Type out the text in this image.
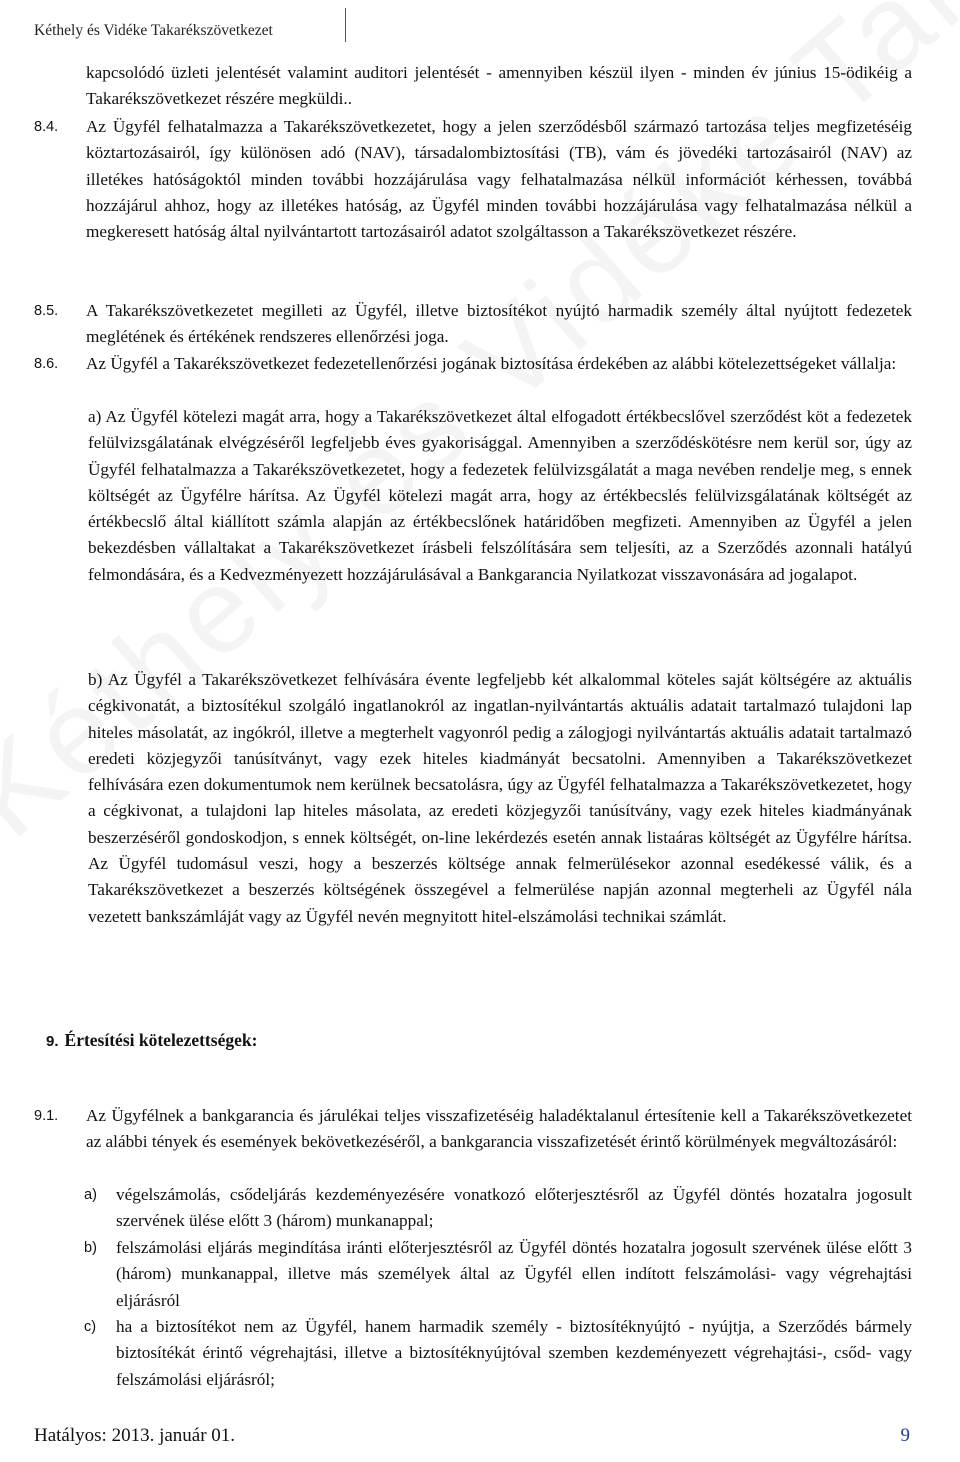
Kéthely és Vidéke Takarékszövetkezet
kapcsolódó üzleti jelentését valamint auditori jelentését - amennyiben készül ilyen - minden év június 15-ödikéig a Takarékszövetkezet részére megküldi..
8.4. Az Ügyfél felhatalmazza a Takarékszövetkezetet, hogy a jelen szerződésből származó tartozása teljes megfizetéséig köztartozásairól, így különösen adó (NAV), társadalombiztosítási (TB), vám és jövedéki tartozásairól (NAV) az illetékes hatóságoktól minden további hozzájárulása vagy felhatalmazása nélkül információt kérhessen, továbbá hozzájárul ahhoz, hogy az illetékes hatóság, az Ügyfél minden további hozzájárulása vagy felhatalmazása nélkül a megkeresett hatóság által nyilvántartott tartozásairól adatot szolgáltasson a Takarékszövetkezet részére.
8.5. A Takarékszövetkezetet megilleti az Ügyfél, illetve biztosítékot nyújtó harmadik személy által nyújtott fedezetek meglétének és értékének rendszeres ellenőrzési joga.
8.6. Az Ügyfél a Takarékszövetkezet fedezetellenőrzési jogának biztosítása érdekében az alábbi kötelezettségeket vállalja:
a) Az Ügyfél kötelezi magát arra, hogy a Takarékszövetkezet által elfogadott értékbecslővel szerződést köt a fedezetek felülvizsgálatának elvégzéséről legfeljebb éves gyakorisággal. Amennyiben a szerződéskötésre nem kerül sor, úgy az Ügyfél felhatalmazza a Takarékszövetkezetet, hogy a fedezetek felülvizsgálatát a maga nevében rendelje meg, s ennek költségét az Ügyfélre hárítsa. Az Ügyfél kötelezi magát arra, hogy az értékbecslés felülvizsgálatának költségét az értékbecslő által kiállított számla alapján az értékbecslőnek határidőben megfizeti. Amennyiben az Ügyfél a jelen bekezdésben vállaltakat a Takarékszövetkezet írásbeli felszólítására sem teljesíti, az a Szerződés azonnali hatályú felmondására, és a Kedvezményezett hozzájárulásával a Bankgarancia Nyilatkozat visszavonására ad jogalapot.
b) Az Ügyfél a Takarékszövetkezet felhívására évente legfeljebb két alkalommal köteles saját költségére az aktuális cégkivonatát, a biztosítékul szolgáló ingatlanokról az ingatlan-nyilvántartás aktuális adatait tartalmazó tulajdoni lap hiteles másolatát, az ingókról, illetve a megterhelt vagyonról pedig a zálogjogi nyilvántartás aktuális adatait tartalmazó eredeti közjegyzői tanúsítványt, vagy ezek hiteles kiadmányát becsatolni. Amennyiben a Takarékszövetkezet felhívására ezen dokumentumok nem kerülnek becsatolásra, úgy az Ügyfél felhatalmazza a Takarékszövetkezetet, hogy a cégkivonat, a tulajdoni lap hiteles másolata, az eredeti közjegyzői tanúsítvány, vagy ezek hiteles kiadmányának beszerzéséről gondoskodjon, s ennek költségét, on-line lekérdezés esetén annak listaáras költségét az Ügyfélre hárítsa. Az Ügyfél tudomásul veszi, hogy a beszerzés költsége annak felmerülésekor azonnal esedékessé válik, és a Takarékszövetkezet a beszerzés költségének összegével a felmerülése napján azonnal megterheli az Ügyfél nála vezetett bankszámláját vagy az Ügyfél nevén megnyitott hitel-elszámolási technikai számlát.
9. Értesítési kötelezettségek:
9.1. Az Ügyfélnek a bankgarancia és járulékai teljes visszafizetéséig haladéktalanul értesítenie kell a Takarékszövetkezetet az alábbi tények és események bekövetkezéséről, a bankgarancia visszafizetését érintő körülmények megváltozásáról:
a) végelszámolás, csődeljárás kezdeményezésére vonatkozó előterjesztésről az Ügyfél döntés hozatalra jogosult szervének ülése előtt 3 (három) munkanappal;
b) felszámolási eljárás megindítása iránti előterjesztésről az Ügyfél döntés hozatalra jogosult szervének ülése előtt 3 (három) munkanappal, illetve más személyek által az Ügyfél ellen indított felszámolási- vagy végrehajtási eljárásról
c) ha a biztosítékot nem az Ügyfél, hanem harmadik személy - biztosítéknyújtó - nyújtja, a Szerződés bármely biztosítékát érintő végrehajtási, illetve a biztosítéknyújtóval szemben kezdeményezett végrehajtási-, csőd- vagy felszámolási eljárásról;
Hatályos: 2013. január 01.	9
